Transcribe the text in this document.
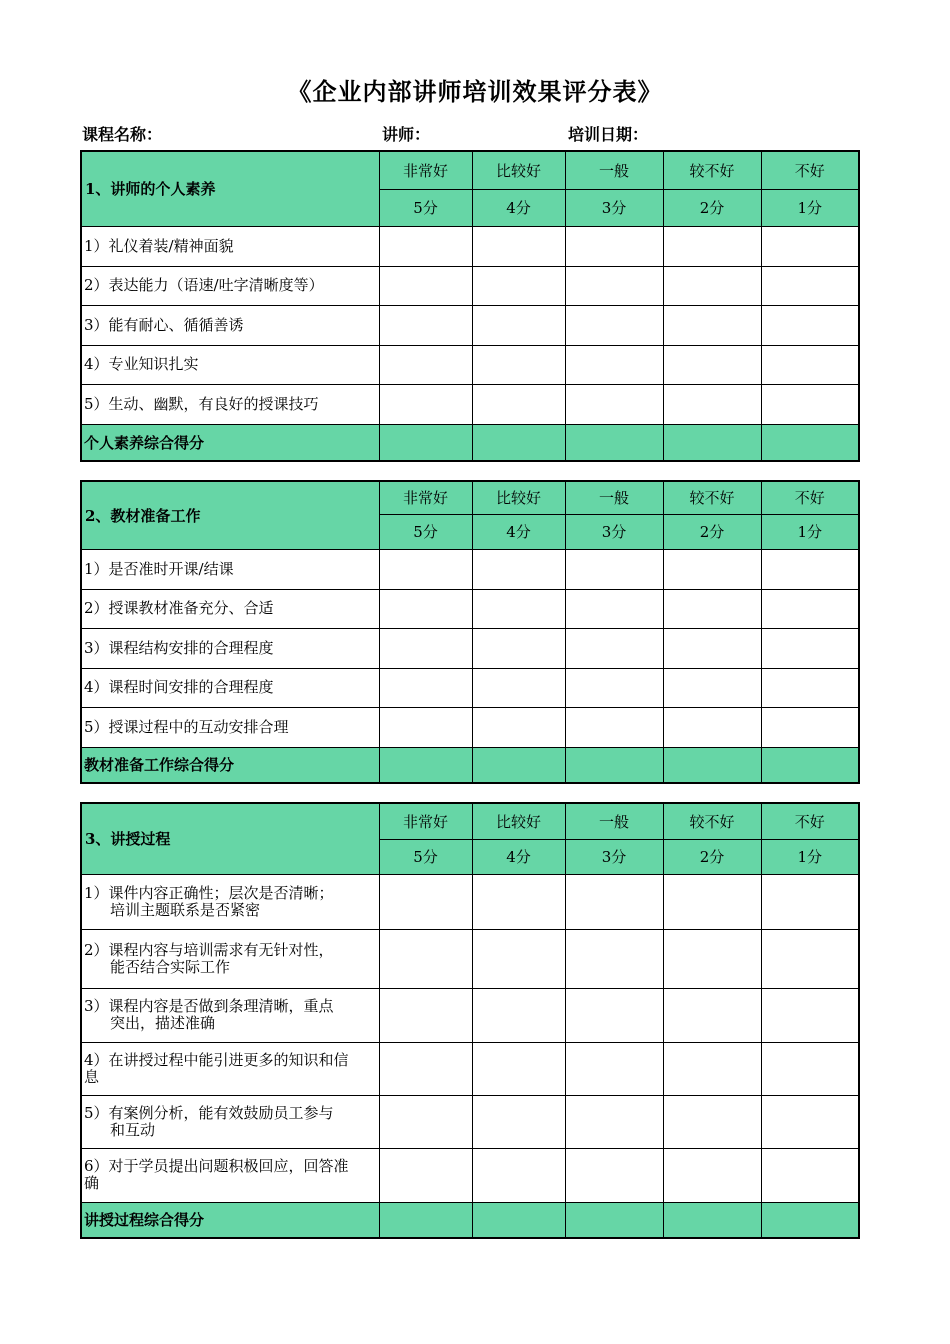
《企业内部讲师培训效果评分表》
课程名称：	讲师：	培训日期：
1、讲师的个人素养	非常好	比较好	一般	较不好	不好
	5分	4分	3分	2分	1分
1）礼仪着装/精神面貌					
2）表达能力（语速/吐字清晰度等）					
3）能有耐心、循循善诱					
4）专业知识扎实					
5）生动、幽默，有良好的授课技巧					
个人素养综合得分					
2、教材准备工作	非常好	比较好	一般	较不好	不好
	5分	4分	3分	2分	1分
1）是否准时开课/结课					
2）授课教材准备充分、合适					
3）课程结构安排的合理程度					
4）课程时间安排的合理程度					
5）授课过程中的互动安排合理					
教材准备工作综合得分					
3、讲授过程	非常好	比较好	一般	较不好	不好
	5分	4分	3分	2分	1分
1）课件内容正确性；层次是否清晰；
培训主题联系是否紧密					

2）课程内容与培训需求有无针对性，
能否结合实际工作					

3）课程内容是否做到条理清晰，重点
突出，描述准确					

4）在讲授过程中能引进更多的知识和信
息					

5）有案例分析，能有效鼓励员工参与
和互动					

6）对于学员提出问题积极回应，回答准
确					

讲授过程综合得分					
